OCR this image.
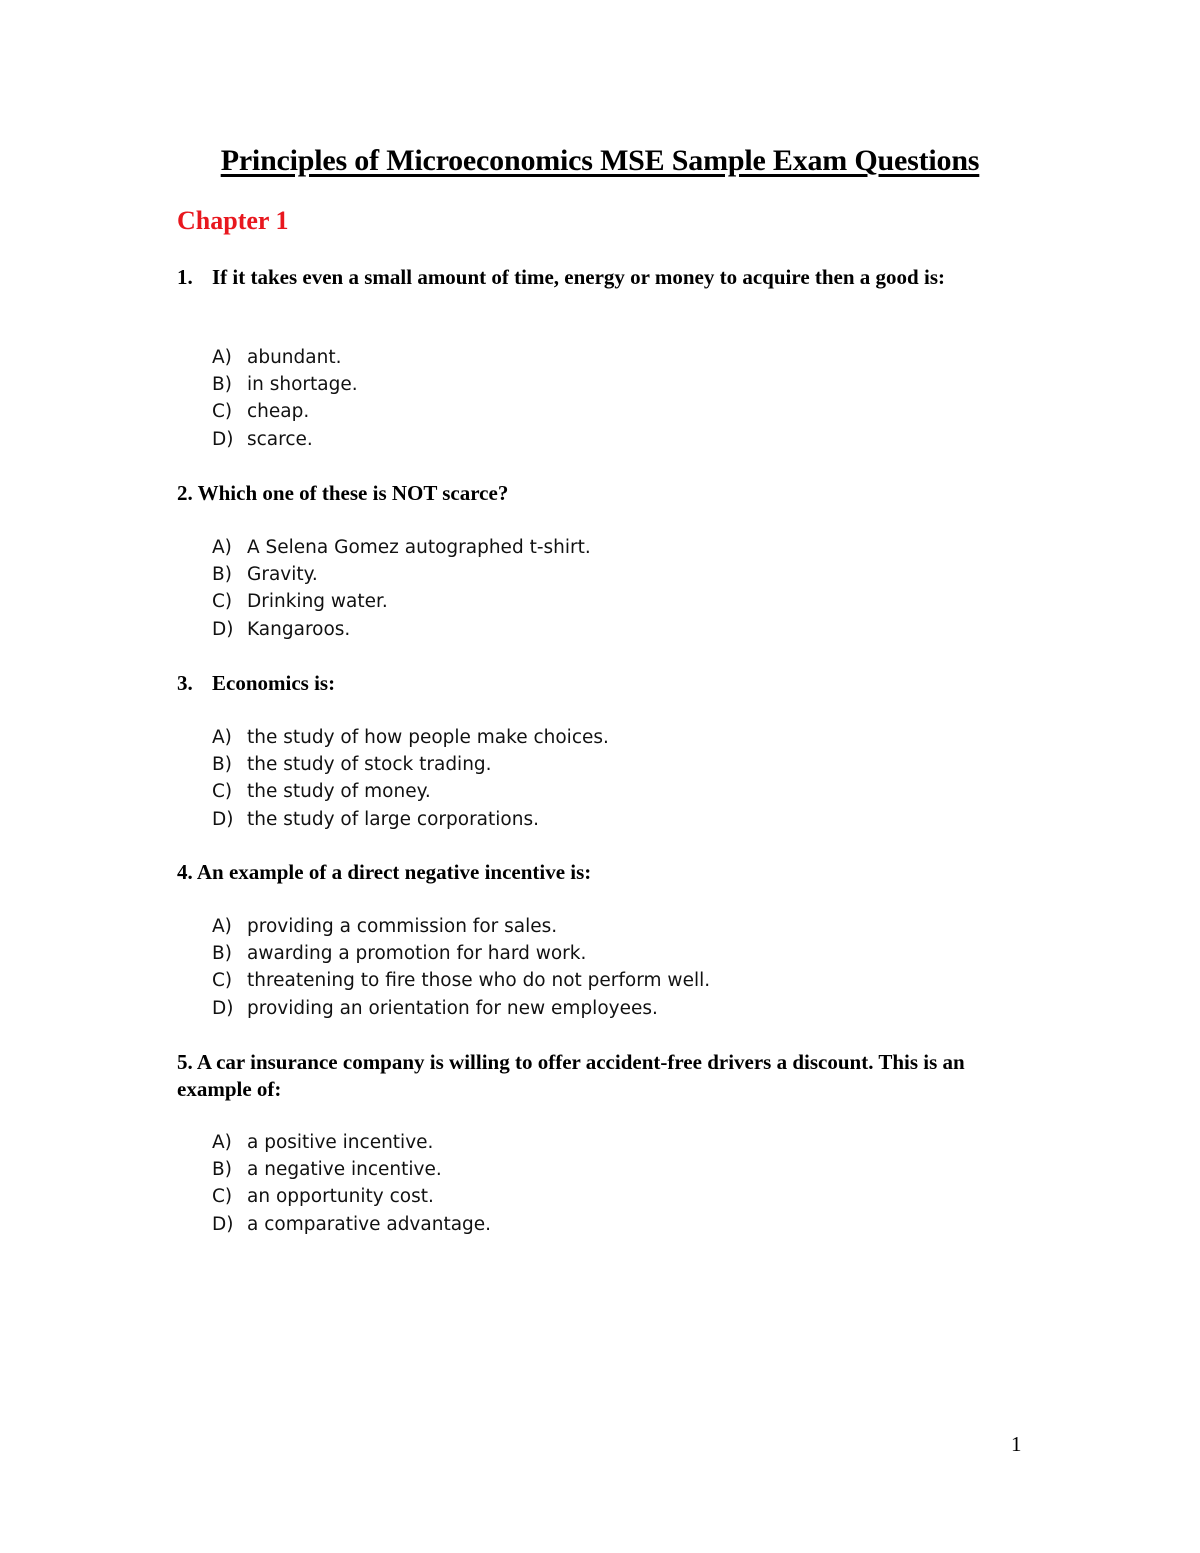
Principles of Microeconomics MSE Sample Exam Questions
Chapter 1

1. If it takes even a small amount of time, energy or money to acquire then a good is:

A) abundant.
B) in shortage.
C) cheap.
D) scarce.

2. Which one of these is NOT scarce?

A) A Selena Gomez autographed t-shirt.
B) Gravity.
C) Drinking water.
D) Kangaroos.

3. Economics is:

A) the study of how people make choices.
B) the study of stock trading.
C) the study of money.
D) the study of large corporations.

4. An example of a direct negative incentive is:

A) providing a commission for sales.
B) awarding a promotion for hard work.
C) threatening to fire those who do not perform well.
D) providing an orientation for new employees.

5. A car insurance company is willing to offer accident-free drivers a discount. This is an example of:

A) a positive incentive.
B) a negative incentive.
C) an opportunity cost.
D) a comparative advantage.
1
